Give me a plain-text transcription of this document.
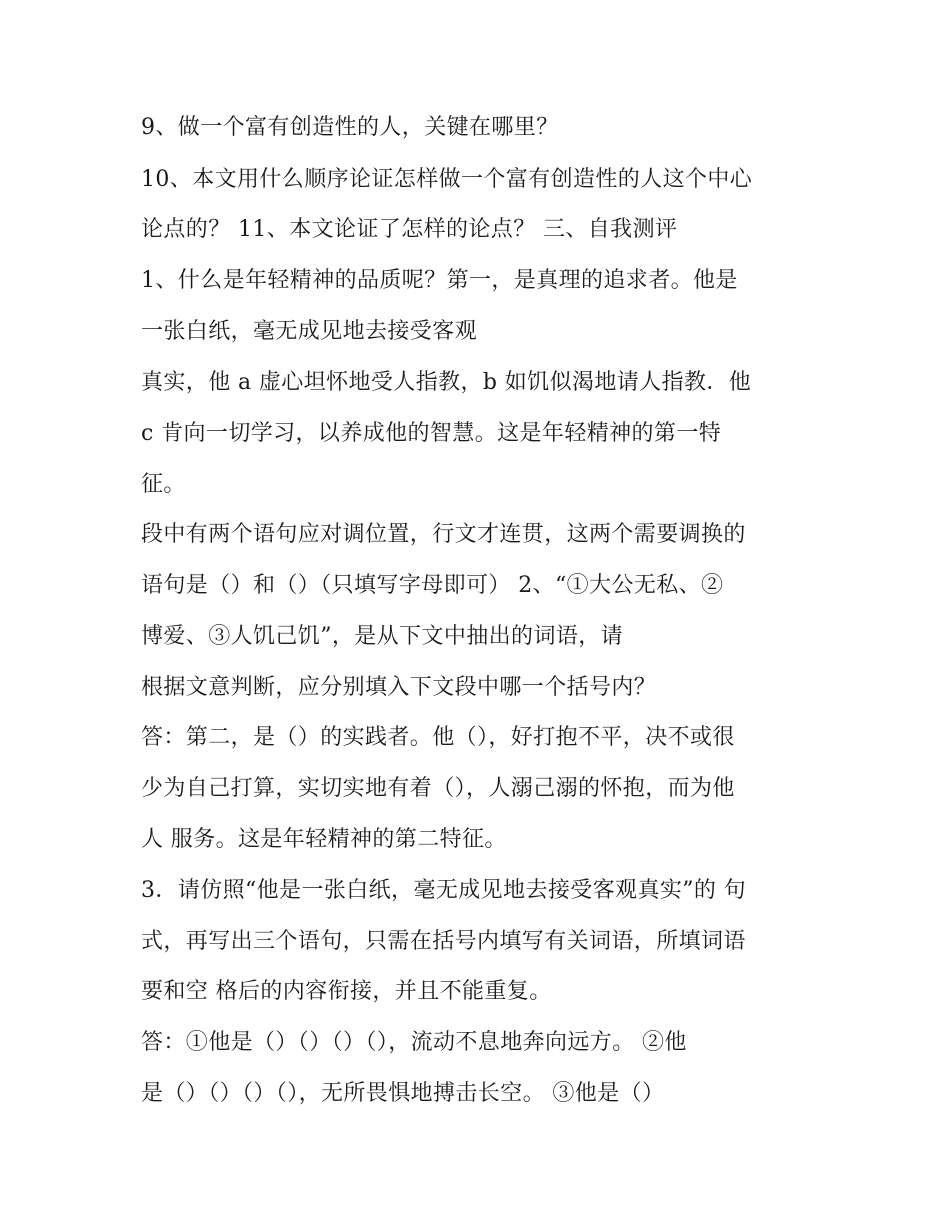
9、做一个富有创造性的人，关键在哪里？
10、本文用什么顺序论证怎样做一个富有创造性的人这个中心
论点的？ 11、本文论证了怎样的论点？ 三、自我测评
1、什么是年轻精神的品质呢？第一，是真理的追求者。他是
一张白纸，毫无成见地去接受客观
真实，他 a 虚心坦怀地受人指教，b 如饥似渴地请人指教．他
c 肯向一切学习，以养成他的智慧。这是年轻精神的第一特
征。
段中有两个语句应对调位置，行文才连贯，这两个需要调换的
语句是（）和（）（只填写字母即可） 2、“①大公无私、②
博爱、③人饥己饥”，是从下文中抽出的词语，请
根据文意判断，应分别填入下文段中哪一个括号内？
答：第二，是（）的实践者。他（），好打抱不平，决不或很
少为自己打算，实切实地有着（），人溺己溺的怀抱，而为他
人 服务。这是年轻精神的第二特征。
3．请仿照“他是一张白纸，毫无成见地去接受客观真实”的 句
式，再写出三个语句，只需在括号内填写有关词语，所填词语
要和空 格后的内容衔接，并且不能重复。
答：①他是（）（）（）（），流动不息地奔向远方。 ②他
是（）（）（）（），无所畏惧地搏击长空。 ③他是（）
